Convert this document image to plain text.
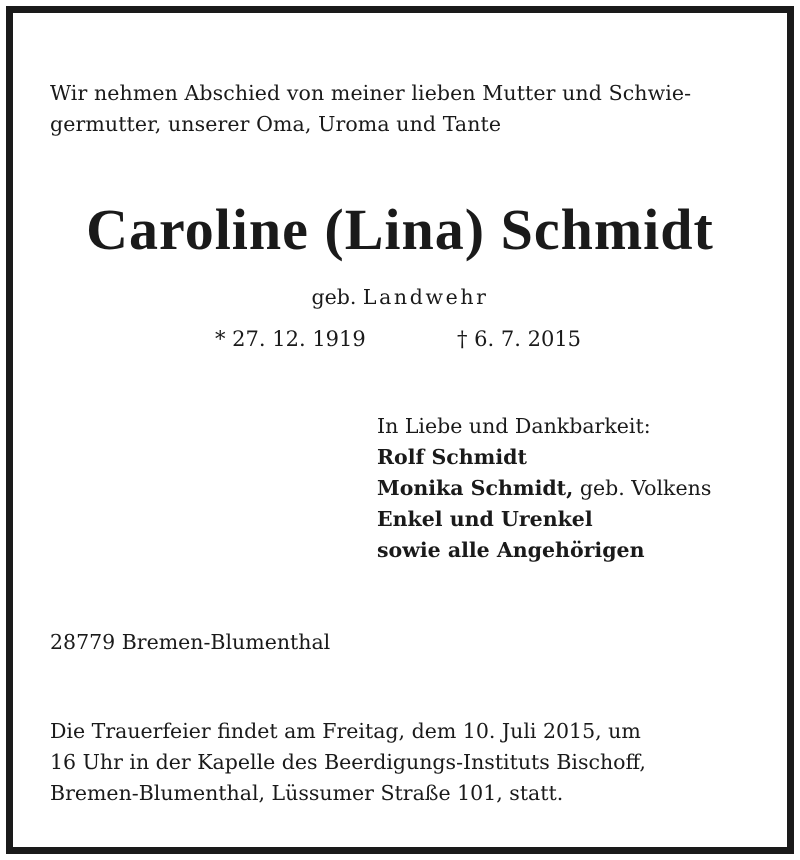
Wir nehmen Abschied von meiner lieben Mutter und Schwie-
germutter, unserer Oma, Uroma und Tante
Caroline (Lina) Schmidt
geb. Landwehr
* 27. 12. 1919	† 6. 7. 2015
In Liebe und Dankbarkeit:
Rolf Schmidt
Monika Schmidt, geb. Volkens
Enkel und Urenkel
sowie alle Angehörigen
28779 Bremen-Blumenthal
Die Trauerfeier findet am Freitag, dem 10. Juli 2015, um
16 Uhr in der Kapelle des Beerdigungs-Instituts Bischoff,
Bremen-Blumenthal, Lüssumer Straße 101, statt.
